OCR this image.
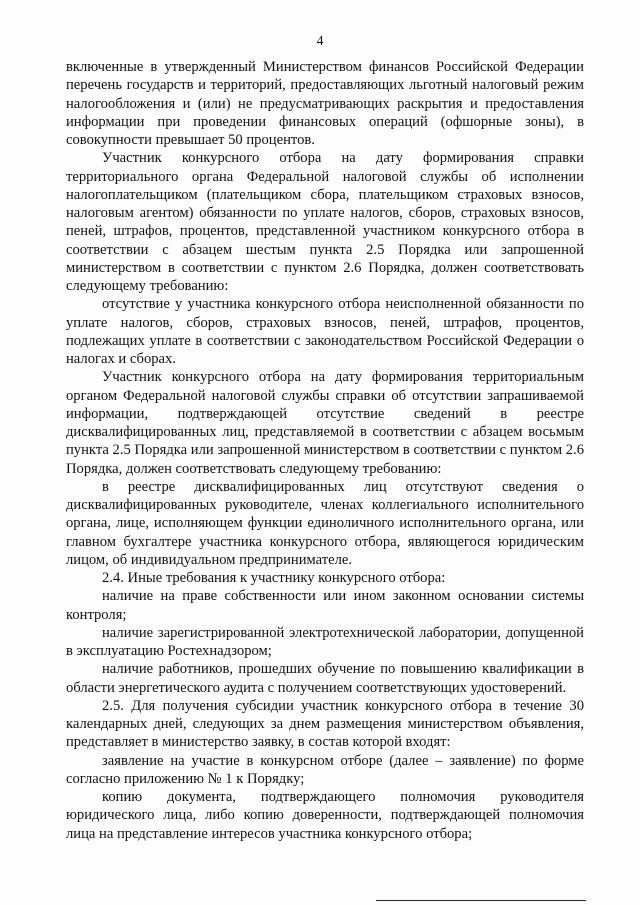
4

включенные в утвержденный Министерством финансов Российской Федерации перечень государств и территорий, предоставляющих льготный налоговый режим налогообложения и (или) не предусматривающих раскрытия и предоставления информации при проведении финансовых операций (офшорные зоны), в совокупности превышает 50 процентов.

Участник конкурсного отбора на дату формирования справки территориального органа Федеральной налоговой службы об исполнении налогоплательщиком (плательщиком сбора, плательщиком страховых взносов, налоговым агентом) обязанности по уплате налогов, сборов, страховых взносов, пеней, штрафов, процентов, представленной участником конкурсного отбора в соответствии с абзацем шестым пункта 2.5 Порядка или запрошенной министерством в соответствии с пунктом 2.6 Порядка, должен соответствовать следующему требованию:

отсутствие у участника конкурсного отбора неисполненной обязанности по уплате налогов, сборов, страховых взносов, пеней, штрафов, процентов, подлежащих уплате в соответствии с законодательством Российской Федерации о налогах и сборах.

Участник конкурсного отбора на дату формирования территориальным органом Федеральной налоговой службы справки об отсутствии запрашиваемой информации, подтверждающей отсутствие сведений в реестре дисквалифицированных лиц, представляемой в соответствии с абзацем восьмым пункта 2.5 Порядка или запрошенной министерством в соответствии с пунктом 2.6 Порядка, должен соответствовать следующему требованию:

в реестре дисквалифицированных лиц отсутствуют сведения о дисквалифицированных руководителе, членах коллегиального исполнительного органа, лице, исполняющем функции единоличного исполнительного органа, или главном бухгалтере участника конкурсного отбора, являющегося юридическим лицом, об индивидуальном предпринимателе.

2.4. Иные требования к участнику конкурсного отбора:

наличие на праве собственности или ином законном основании системы контроля;

наличие зарегистрированной электротехнической лаборатории, допущенной в эксплуатацию Ростехнадзором;

наличие работников, прошедших обучение по повышению квалификации в области энергетического аудита с получением соответствующих удостоверений.

2.5. Для получения субсидии участник конкурсного отбора в течение 30 календарных дней, следующих за днем размещения министерством объявления, представляет в министерство заявку, в состав которой входят:

заявление на участие в конкурсном отборе (далее – заявление) по форме согласно приложению № 1 к Порядку;

копию документа, подтверждающего полномочия руководителя юридического лица, либо копию доверенности, подтверждающей полномочия лица на представление интересов участника конкурсного отбора;
